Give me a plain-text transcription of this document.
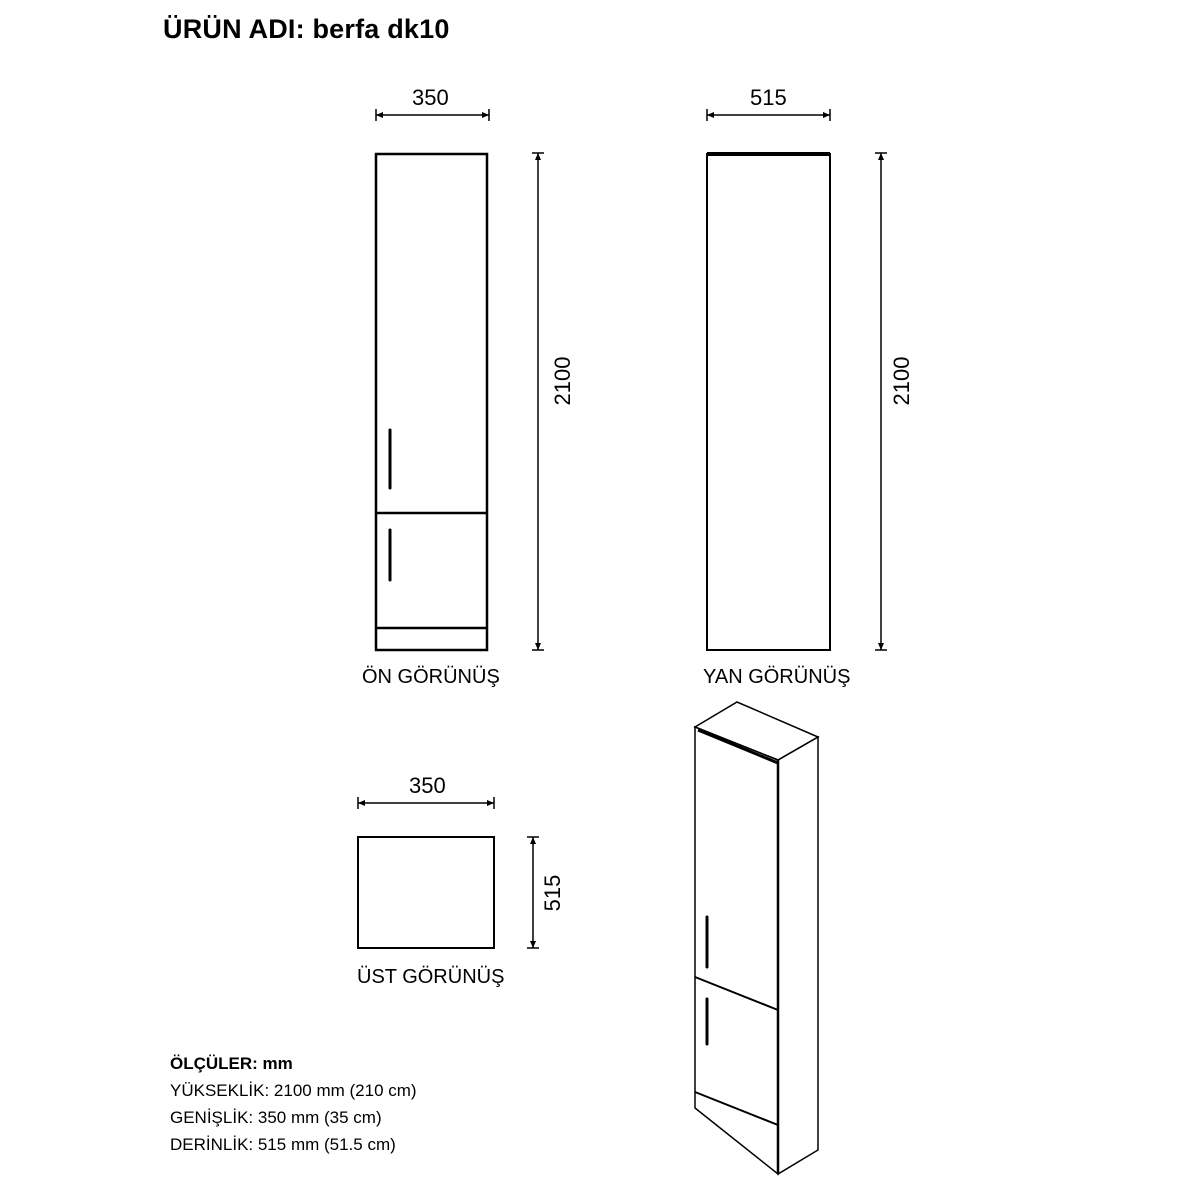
ÜRÜN ADI: berfa dk10
350	515
2100	2100
350
515
ÖN GÖRÜNÜŞ	YAN GÖRÜNÜŞ
ÜST GÖRÜNÜŞ
ÖLÇÜLER: mm
YÜKSEKLİK: 2100 mm (210 cm)
GENİŞLİK: 350 mm (35 cm)
DERİNLİK: 515 mm (51.5 cm)
